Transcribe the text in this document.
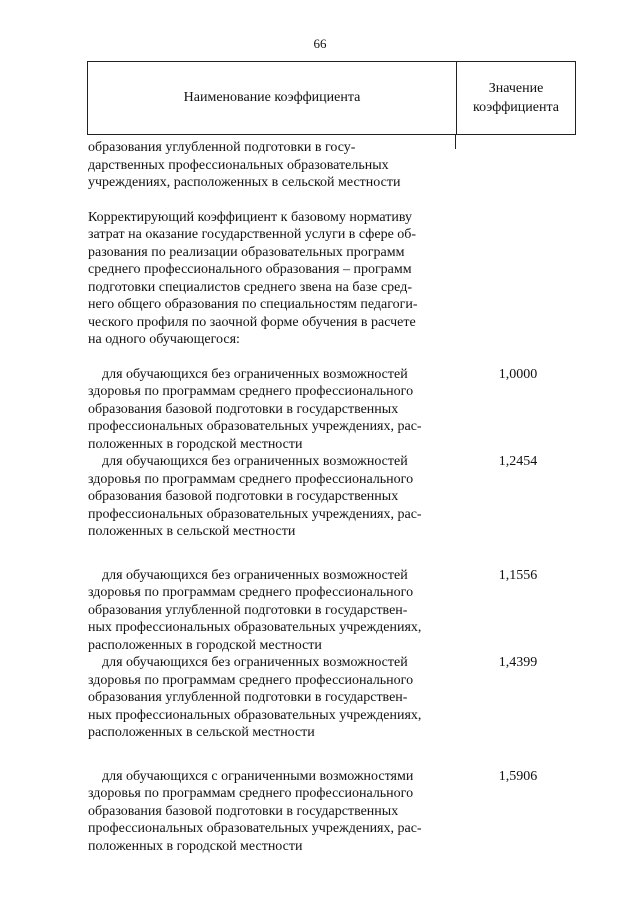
66
Наименование коэффициента
Значение
коэффициента
образования углубленной подготовки в госу-
дарственных профессиональных образовательных
учреждениях, расположенных в сельской местности
Корректирующий коэффициент к базовому нормативу
затрат на оказание государственной услуги в сфере об-
разования по реализации образовательных программ
среднего профессионального образования – программ
подготовки специалистов среднего звена на базе сред-
него общего образования по специальностям педагоги-
ческого профиля по заочной форме обучения в расчете
на одного обучающегося:
для обучающихся без ограниченных возможностей
здоровья по программам среднего профессионального
образования базовой подготовки в государственных
профессиональных образовательных учреждениях, рас-
положенных в городской местности
1,0000
для обучающихся без ограниченных возможностей
здоровья по программам среднего профессионального
образования базовой подготовки в государственных
профессиональных образовательных учреждениях, рас-
положенных в сельской местности
1,2454
для обучающихся без ограниченных возможностей
здоровья по программам среднего профессионального
образования углубленной подготовки в государствен-
ных профессиональных образовательных учреждениях,
расположенных в городской местности
1,1556
для обучающихся без ограниченных возможностей
здоровья по программам среднего профессионального
образования углубленной подготовки в государствен-
ных профессиональных образовательных учреждениях,
расположенных в сельской местности
1,4399
для обучающихся с ограниченными возможностями
здоровья по программам среднего профессионального
образования базовой подготовки в государственных
профессиональных образовательных учреждениях, рас-
положенных в городской местности
1,5906
